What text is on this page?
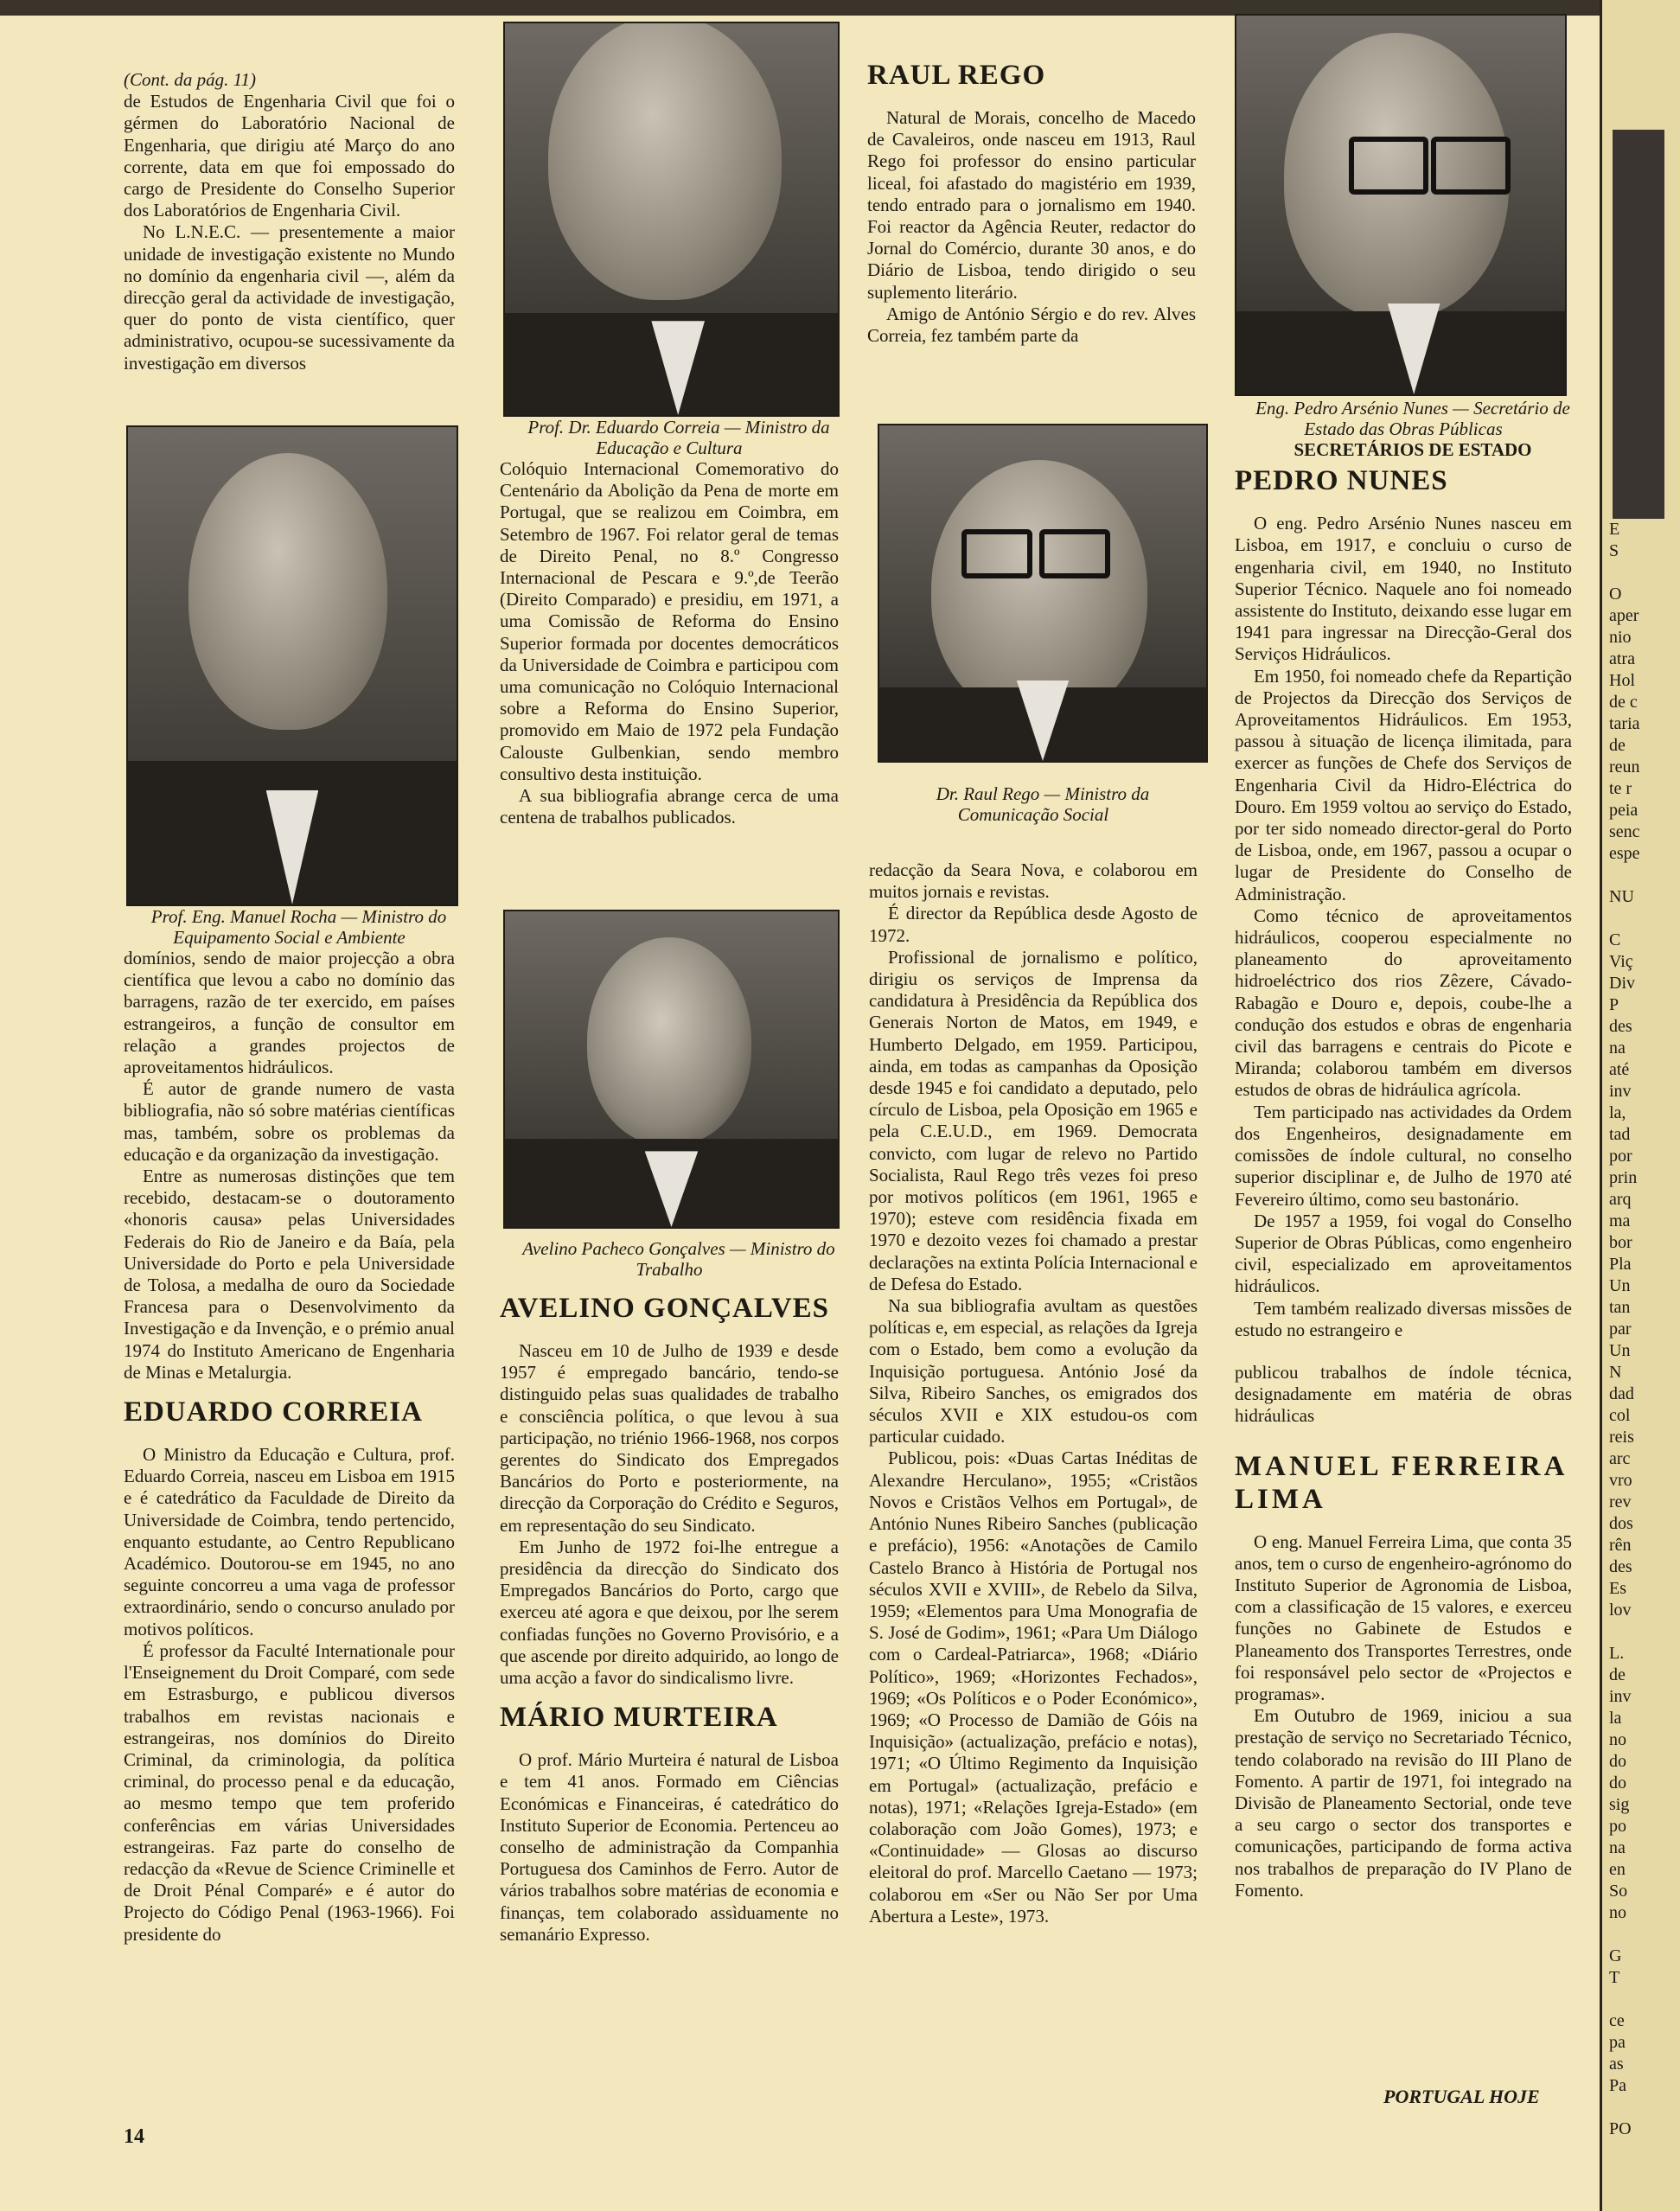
(Cont. da pág. 11)

de Estudos de Engenharia Civil que foi o gérmen do Laboratório Nacional de Engenharia, que dirigiu até Março do ano corrente, data em que foi empossado do cargo de Presidente do Conselho Superior dos Laboratórios de Engenharia Civil.

No L.N.E.C. — presentemente a maior unidade de investigação existente no Mundo no domínio da engenharia civil —, além da direcção geral da actividade de investigação, quer do ponto de vista científico, quer administrativo, ocupou-se sucessivamente da investigação em diversos

Prof. Eng. Manuel Rocha — Ministro do Equipamento Social e Ambiente

domínios, sendo de maior projecção a obra científica que levou a cabo no domínio das barragens, razão de ter exercido, em países estrangeiros, a função de consultor em relação a grandes projectos de aproveitamentos hidráulicos.

É autor de grande numero de vasta bibliografia, não só sobre matérias científicas mas, também, sobre os problemas da educação e da organização da investigação.

Entre as numerosas distinções que tem recebido, destacam-se o doutoramento «honoris causa» pelas Universidades Federais do Rio de Janeiro e da Baía, pela Universidade do Porto e pela Universidade de Tolosa, a medalha de ouro da Sociedade Francesa para o Desenvolvimento da Investigação e da Invenção, e o prémio anual 1974 do Instituto Americano de Engenharia de Minas e Metalurgia.

EDUARDO CORREIA

O Ministro da Educação e Cultura, prof. Eduardo Correia, nasceu em Lisboa em 1915 e é catedrático da Faculdade de Direito da Universidade de Coimbra, tendo pertencido, enquanto estudante, ao Centro Republicano Académico. Doutorou-se em 1945, no ano seguinte concorreu a uma vaga de professor extraordinário, sendo o concurso anulado por motivos políticos.

É professor da Faculté Internationale pour l'Enseignement du Droit Comparé, com sede em Estrasburgo, e publicou diversos trabalhos em revistas nacionais e estrangeiras, nos domínios do Direito Criminal, da criminologia, da política criminal, do processo penal e da educação, ao mesmo tempo que tem proferido conferências em várias Universidades estrangeiras. Faz parte do conselho de redacção da «Revue de Science Criminelle et de Droit Pénal Comparé» e é autor do Projecto do Código Penal (1963-1966). Foi presidente do

Prof. Dr. Eduardo Correia — Ministro da Educação e Cultura

Colóquio Internacional Comemorativo do Centenário da Abolição da Pena de morte em Portugal, que se realizou em Coimbra, em Setembro de 1967. Foi relator geral de temas de Direito Penal, no 8.º Congresso Internacional de Pescara e 9.º,de Teerão (Direito Comparado) e presidiu, em 1971, a uma Comissão de Reforma do Ensino Superior formada por docentes democráticos da Universidade de Coimbra e participou com uma comunicação no Colóquio Internacional sobre a Reforma do Ensino Superior, promovido em Maio de 1972 pela Fundação Calouste Gulbenkian, sendo membro consultivo desta instituição.

A sua bibliografia abrange cerca de uma centena de trabalhos publicados.

Avelino Pacheco Gonçalves — Ministro do Trabalho

AVELINO GONÇALVES

Nasceu em 10 de Julho de 1939 e desde 1957 é empregado bancário, tendo-se distinguido pelas suas qualidades de trabalho e consciência política, o que levou à sua participação, no triénio 1966-1968, nos corpos gerentes do Sindicato dos Empregados Bancários do Porto e posteriormente, na direcção da Corporação do Crédito e Seguros, em representação do seu Sindicato.

Em Junho de 1972 foi-lhe entregue a presidência da direcção do Sindicato dos Empregados Bancários do Porto, cargo que exerceu até agora e que deixou, por lhe serem confiadas funções no Governo Provisório, e a que ascende por direito adquirido, ao longo de uma acção a favor do sindicalismo livre.

MÁRIO MURTEIRA

O prof. Mário Murteira é natural de Lisboa e tem 41 anos. Formado em Ciências Económicas e Financeiras, é catedrático do Instituto Superior de Economia. Pertenceu ao conselho de administração da Companhia Portuguesa dos Caminhos de Ferro. Autor de vários trabalhos sobre matérias de economia e finanças, tem colaborado assìduamente no semanário Expresso.

RAUL REGO

Natural de Morais, concelho de Macedo de Cavaleiros, onde nasceu em 1913, Raul Rego foi professor do ensino particular liceal, foi afastado do magistério em 1939, tendo entrado para o jornalismo em 1940. Foi reactor da Agência Reuter, redactor do Jornal do Comércio, durante 30 anos, e do Diário de Lisboa, tendo dirigido o seu suplemento literário.

Amigo de António Sérgio e do rev. Alves Correia, fez também parte da

Dr. Raul Rego — Ministro da Comunicação Social

redacção da Seara Nova, e colaborou em muitos jornais e revistas.

É director da República desde Agosto de 1972.

Profissional de jornalismo e político, dirigiu os serviços de Imprensa da candidatura à Presidência da República dos Generais Norton de Matos, em 1949, e Humberto Delgado, em 1959. Participou, ainda, em todas as campanhas da Oposição desde 1945 e foi candidato a deputado, pelo círculo de Lisboa, pela Oposição em 1965 e pela C.E.U.D., em 1969. Democrata convicto, com lugar de relevo no Partido Socialista, Raul Rego três vezes foi preso por motivos políticos (em 1961, 1965 e 1970); esteve com residência fixada em 1970 e dezoito vezes foi chamado a prestar declarações na extinta Polícia Internacional e de Defesa do Estado.

Na sua bibliografia avultam as questões políticas e, em especial, as relações da Igreja com o Estado, bem como a evolução da Inquisição portuguesa. António José da Silva, Ribeiro Sanches, os emigrados dos séculos XVII e XIX estudou-os com particular cuidado.

Publicou, pois: «Duas Cartas Inéditas de Alexandre Herculano», 1955; «Cristãos Novos e Cristãos Velhos em Portugal», de António Nunes Ribeiro Sanches (publicação e prefácio), 1956: «Anotações de Camilo Castelo Branco à História de Portugal nos séculos XVII e XVIII», de Rebelo da Silva, 1959; «Elementos para Uma Monografia de S. José de Godim», 1961; «Para Um Diálogo com o Cardeal-Patriarca», 1968; «Diário Político», 1969; «Horizontes Fechados», 1969; «Os Políticos e o Poder Económico», 1969; «O Processo de Damião de Góis na Inquisição» (actualização, prefácio e notas), 1971; «O Último Regimento da Inquisição em Portugal» (actualização, prefácio e notas), 1971; «Relações Igreja-Estado» (em colaboração com João Gomes), 1973; e «Continuidade» — Glosas ao discurso eleitoral do prof. Marcello Caetano — 1973; colaborou em «Ser ou Não Ser por Uma Abertura a Leste», 1973.

Eng. Pedro Arsénio Nunes — Secretário de Estado das Obras Públicas

SECRETÁRIOS DE ESTADO

PEDRO NUNES

O eng. Pedro Arsénio Nunes nasceu em Lisboa, em 1917, e concluiu o curso de engenharia civil, em 1940, no Instituto Superior Técnico. Naquele ano foi nomeado assistente do Instituto, deixando esse lugar em 1941 para ingressar na Direcção-Geral dos Serviços Hidráulicos.

Em 1950, foi nomeado chefe da Repartição de Projectos da Direcção dos Serviços de Aproveitamentos Hidráulicos. Em 1953, passou à situação de licença ilimitada, para exercer as funções de Chefe dos Serviços de Engenharia Civil da Hidro-Eléctrica do Douro. Em 1959 voltou ao serviço do Estado, por ter sido nomeado director-geral do Porto de Lisboa, onde, em 1967, passou a ocupar o lugar de Presidente do Conselho de Administração.

Como técnico de aproveitamentos hidráulicos, cooperou especialmente no planeamento do aproveitamento hidroeléctrico dos rios Zêzere, Cávado-Rabagão e Douro e, depois, coube-lhe a condução dos estudos e obras de engenharia civil das barragens e centrais do Picote e Miranda; colaborou também em diversos estudos de obras de hidráulica agrícola.

Tem participado nas actividades da Ordem dos Engenheiros, designadamente em comissões de índole cultural, no conselho superior disciplinar e, de Julho de 1970 até Fevereiro último, como seu bastonário.

De 1957 a 1959, foi vogal do Conselho Superior de Obras Públicas, como engenheiro civil, especializado em aproveitamentos hidráulicos.

Tem também realizado diversas missões de estudo no estrangeiro e

publicou trabalhos de índole técnica, designadamente em matéria de obras hidráulicas

MANUEL FERREIRA LIMA

O eng. Manuel Ferreira Lima, que conta 35 anos, tem o curso de engenheiro-agrónomo do Instituto Superior de Agronomia de Lisboa, com a classificação de 15 valores, e exerceu funções no Gabinete de Estudos e Planeamento dos Transportes Terrestres, onde foi responsável pelo sector de «Projectos e programas».

Em Outubro de 1969, iniciou a sua prestação de serviço no Secretariado Técnico, tendo colaborado na revisão do III Plano de Fomento. A partir de 1971, foi integrado na Divisão de Planeamento Sectorial, onde teve a seu cargo o sector dos transportes e comunicações, participando de forma activa nos trabalhos de preparação do IV Plano de Fomento.

E
S
O
aper
nio
atra
Hol
de c
taria
de
reun
te r
peia
senc
espe
NU
C
Viç
Div
P
des
na
até
inv
la,
tad
por
prin
arq
ma
bor
Pla
Un
tan
par
Un
N
dad
col
reis
arc
vro
rev
dos
rên
des
Es
lov
L.
de
inv
la
no
do
do
sig
po
na
en
So
no
G
T
ce
pa
as
Pa
PO
14
PORTUGAL HOJE
